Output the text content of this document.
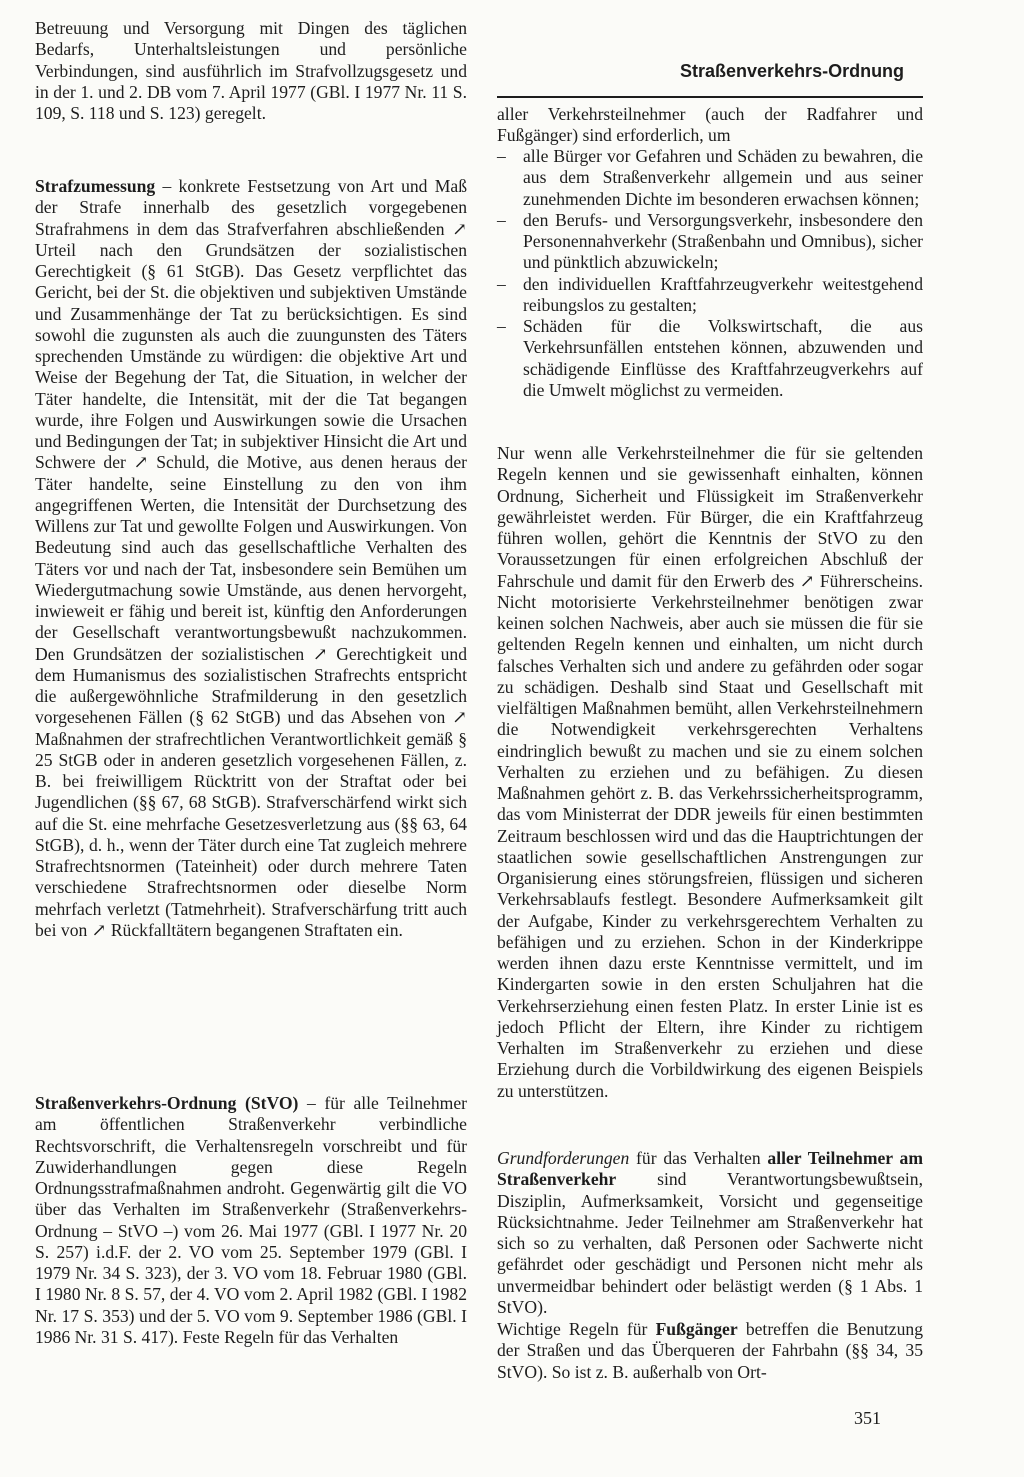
Betreuung und Versorgung mit Dingen des täglichen Bedarfs, Unterhaltsleistungen und persönliche Verbindungen, sind ausführlich im Strafvollzugsgesetz und in der 1. und 2. DB vom 7. April 1977 (GBl. I 1977 Nr. 11 S. 109, S. 118 und S. 123) geregelt.

Strafzumessung – konkrete Festsetzung von Art und Maß der Strafe innerhalb des gesetzlich vorgegebenen Strafrahmens in dem das Strafverfahren abschließenden ↗ Urteil nach den Grundsätzen der sozialistischen Gerechtigkeit (§ 61 StGB). Das Gesetz verpflichtet das Gericht, bei der St. die objektiven und subjektiven Umstände und Zusammenhänge der Tat zu berücksichtigen. Es sind sowohl die zugunsten als auch die zuungunsten des Täters sprechenden Umstände zu würdigen: die objektive Art und Weise der Begehung der Tat, die Situation, in welcher der Täter handelte, die Intensität, mit der die Tat begangen wurde, ihre Folgen und Auswirkungen sowie die Ursachen und Bedingungen der Tat; in subjektiver Hinsicht die Art und Schwere der ↗ Schuld, die Motive, aus denen heraus der Täter handelte, seine Einstellung zu den von ihm angegriffenen Werten, die Intensität der Durchsetzung des Willens zur Tat und gewollte Folgen und Auswirkungen. Von Bedeutung sind auch das gesellschaftliche Verhalten des Täters vor und nach der Tat, insbesondere sein Bemühen um Wiedergutmachung sowie Umstände, aus denen hervorgeht, inwieweit er fähig und bereit ist, künftig den Anforderungen der Gesellschaft verantwortungsbewußt nachzukommen. Den Grundsätzen der sozialistischen ↗ Gerechtigkeit und dem Humanismus des sozialistischen Strafrechts entspricht die außergewöhnliche Strafmilderung in den gesetzlich vorgesehenen Fällen (§ 62 StGB) und das Absehen von ↗ Maßnahmen der strafrechtlichen Verantwortlichkeit gemäß § 25 StGB oder in anderen gesetzlich vorgesehenen Fällen, z. B. bei freiwilligem Rücktritt von der Straftat oder bei Jugendlichen (§§ 67, 68 StGB). Strafverschärfend wirkt sich auf die St. eine mehrfache Gesetzesverletzung aus (§§ 63, 64 StGB), d. h., wenn der Täter durch eine Tat zugleich mehrere Strafrechtsnormen (Tateinheit) oder durch mehrere Taten verschiedene Strafrechtsnormen oder dieselbe Norm mehrfach verletzt (Tatmehrheit). Strafverschärfung tritt auch bei von ↗ Rückfalltätern begangenen Straftaten ein.

Straßenverkehrs-Ordnung (StVO) – für alle Teilnehmer am öffentlichen Straßenverkehr verbindliche Rechtsvorschrift, die Verhaltensregeln vorschreibt und für Zuwiderhandlungen gegen diese Regeln Ordnungsstrafmaßnahmen androht. Gegenwärtig gilt die VO über das Verhalten im Straßenverkehr (Straßenverkehrs-Ordnung – StVO –) vom 26. Mai 1977 (GBl. I 1977 Nr. 20 S. 257) i.d.F. der 2. VO vom 25. September 1979 (GBl. I 1979 Nr. 34 S. 323), der 3. VO vom 18. Februar 1980 (GBl. I 1980 Nr. 8 S. 57, der 4. VO vom 2. April 1982 (GBl. I 1982 Nr. 17 S. 353) und der 5. VO vom 9. September 1986 (GBl. I 1986 Nr. 31 S. 417). Feste Regeln für das Verhalten

Straßenverkehrs-Ordnung

aller Verkehrsteilnehmer (auch der Radfahrer und Fußgänger) sind erforderlich, um

– alle Bürger vor Gefahren und Schäden zu bewahren, die aus dem Straßenverkehr allgemein und aus seiner zunehmenden Dichte im besonderen erwachsen können;
– den Berufs- und Versorgungsverkehr, insbesondere den Personennahverkehr (Straßenbahn und Omnibus), sicher und pünktlich abzuwickeln;
– den individuellen Kraftfahrzeugverkehr weitestgehend reibungslos zu gestalten;
– Schäden für die Volkswirtschaft, die aus Verkehrsunfällen entstehen können, abzuwenden und schädigende Einflüsse des Kraftfahrzeugverkehrs auf die Umwelt möglichst zu vermeiden.

Nur wenn alle Verkehrsteilnehmer die für sie geltenden Regeln kennen und sie gewissenhaft einhalten, können Ordnung, Sicherheit und Flüssigkeit im Straßenverkehr gewährleistet werden. Für Bürger, die ein Kraftfahrzeug führen wollen, gehört die Kenntnis der StVO zu den Voraussetzungen für einen erfolgreichen Abschluß der Fahrschule und damit für den Erwerb des ↗ Führerscheins. Nicht motorisierte Verkehrsteilnehmer benötigen zwar keinen solchen Nachweis, aber auch sie müssen die für sie geltenden Regeln kennen und einhalten, um nicht durch falsches Verhalten sich und andere zu gefährden oder sogar zu schädigen. Deshalb sind Staat und Gesellschaft mit vielfältigen Maßnahmen bemüht, allen Verkehrsteilnehmern die Notwendigkeit verkehrsgerechten Verhaltens eindringlich bewußt zu machen und sie zu einem solchen Verhalten zu erziehen und zu befähigen. Zu diesen Maßnahmen gehört z. B. das Verkehrssicherheitsprogramm, das vom Ministerrat der DDR jeweils für einen bestimmten Zeitraum beschlossen wird und das die Hauptrichtungen der staatlichen sowie gesellschaftlichen Anstrengungen zur Organisierung eines störungsfreien, flüssigen und sicheren Verkehrsablaufs festlegt. Besondere Aufmerksamkeit gilt der Aufgabe, Kinder zu verkehrsgerechtem Verhalten zu befähigen und zu erziehen. Schon in der Kinderkrippe werden ihnen dazu erste Kenntnisse vermittelt, und im Kindergarten sowie in den ersten Schuljahren hat die Verkehrserziehung einen festen Platz. In erster Linie ist es jedoch Pflicht der Eltern, ihre Kinder zu richtigem Verhalten im Straßenverkehr zu erziehen und diese Erziehung durch die Vorbildwirkung des eigenen Beispiels zu unterstützen.

Grundforderungen für das Verhalten aller Teilnehmer am Straßenverkehr sind Verantwortungsbewußtsein, Disziplin, Aufmerksamkeit, Vorsicht und gegenseitige Rücksichtnahme. Jeder Teilnehmer am Straßenverkehr hat sich so zu verhalten, daß Personen oder Sachwerte nicht gefährdet oder geschädigt und Personen nicht mehr als unvermeidbar behindert oder belästigt werden (§ 1 Abs. 1 StVO).

Wichtige Regeln für Fußgänger betreffen die Benutzung der Straßen und das Überqueren der Fahrbahn (§§ 34, 35 StVO). So ist z. B. außerhalb von Ort-

351
